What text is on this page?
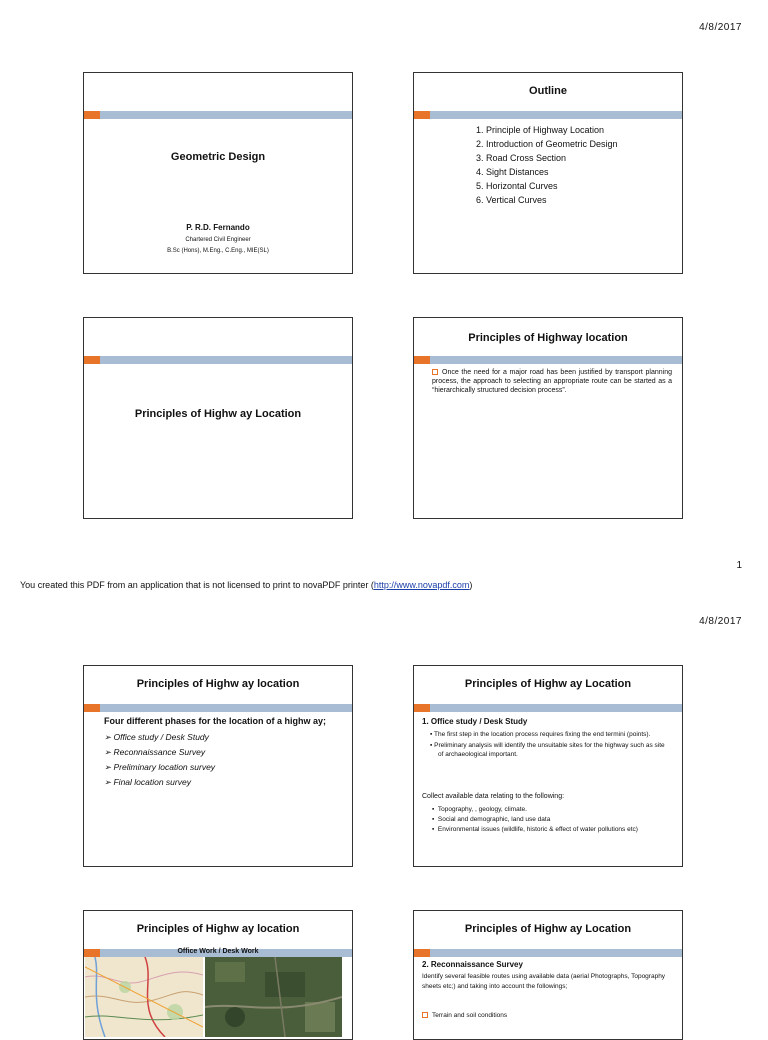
4/8/2017
Geometric Design
P. R.D. Fernando
Chartered Civil Engineer
B.Sc (Hons), M.Eng., C.Eng., MIE(SL)
Outline
1. Principle of Highway Location
2. Introduction of Geometric Design
3. Road Cross Section
4. Sight Distances
5. Horizontal Curves
6. Vertical Curves
Principles of Highw ay Location
Principles of Highway location
Once the need for a major road has been justified by transport planning process, the approach to selecting an appropriate route can be started as a “hierarchically structured decision process”.
1
You created this PDF from an application that is not licensed to print to novaPDF printer (http://www.novapdf.com)
4/8/2017
Principles of Highw ay location
Four different phases for the location of a highw ay;
➢ Office study / Desk Study
➢ Reconnaissance Survey
➢ Preliminary location survey
➢ Final location survey
Principles of Highw ay Location
1. Office study / Desk Study
▪ The first step in the location process requires fixing the end termini (points).
▪ Preliminary analysis will identify the unsuitable sites for the highway such as site of archaeological important.
Collect available data relating to the following:
▪  Topography, , geology, climate.
▪  Social and demographic, land use data
▪  Environmental issues (wildlife, historic & effect of water pollutions etc)
Principles of Highw ay location
Office Work / Desk Work
Principles of Highw ay Location
2. Reconnaissance Survey
Identify several feasible routes using available data (aerial Photographs, Topography sheets etc;) and taking into account the followings;
Terrain and soil conditions
